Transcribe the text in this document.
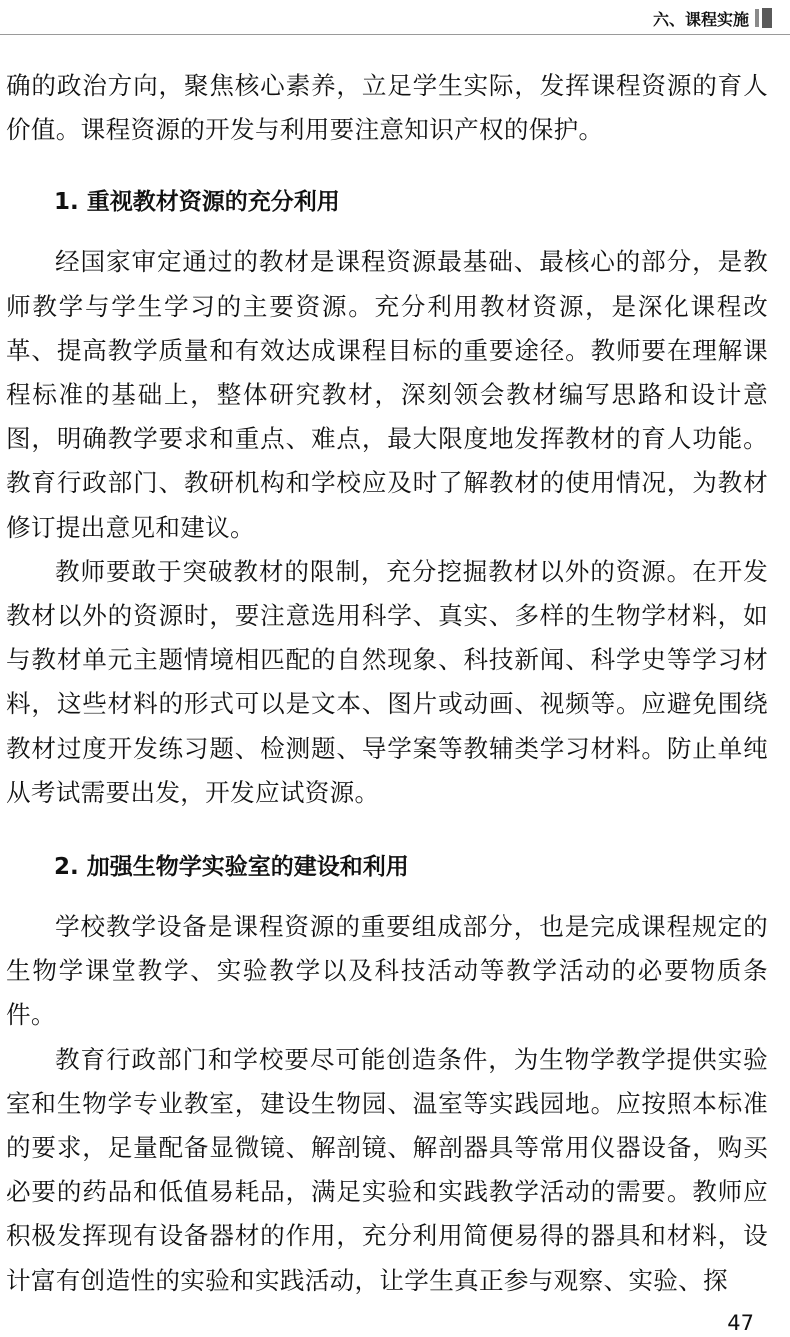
六、课程实施

确的政治方向，聚焦核心素养，立足学生实际，发挥课程资源的育人价值。课程资源的开发与利用要注意知识产权的保护。

1. 重视教材资源的充分利用

经国家审定通过的教材是课程资源最基础、最核心的部分，是教师教学与学生学习的主要资源。充分利用教材资源，是深化课程改革、提高教学质量和有效达成课程目标的重要途径。教师要在理解课程标准的基础上，整体研究教材，深刻领会教材编写思路和设计意图，明确教学要求和重点、难点，最大限度地发挥教材的育人功能。教育行政部门、教研机构和学校应及时了解教材的使用情况，为教材修订提出意见和建议。

教师要敢于突破教材的限制，充分挖掘教材以外的资源。在开发教材以外的资源时，要注意选用科学、真实、多样的生物学材料，如与教材单元主题情境相匹配的自然现象、科技新闻、科学史等学习材料，这些材料的形式可以是文本、图片或动画、视频等。应避免围绕教材过度开发练习题、检测题、导学案等教辅类学习材料。防止单纯从考试需要出发，开发应试资源。

2. 加强生物学实验室的建设和利用

学校教学设备是课程资源的重要组成部分，也是完成课程规定的生物学课堂教学、实验教学以及科技活动等教学活动的必要物质条件。

教育行政部门和学校要尽可能创造条件，为生物学教学提供实验室和生物学专业教室，建设生物园、温室等实践园地。应按照本标准的要求，足量配备显微镜、解剖镜、解剖器具等常用仪器设备，购买必要的药品和低值易耗品，满足实验和实践教学活动的需要。教师应积极发挥现有设备器材的作用，充分利用简便易得的器具和材料，设计富有创造性的实验和实践活动，让学生真正参与观察、实验、探

47
